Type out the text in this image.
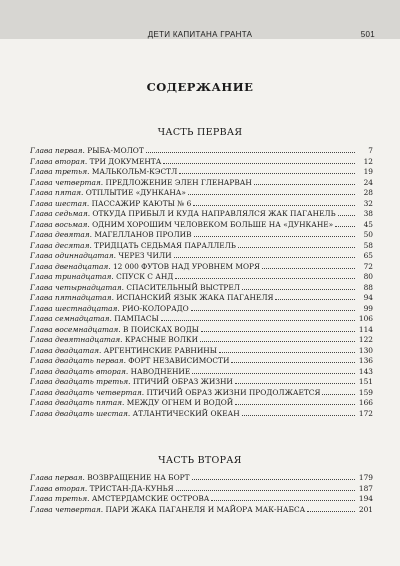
ДЕТИ КАПИТАНА ГРАНТА	501
СОДЕРЖАНИЕ
ЧАСТЬ ПЕРВАЯ
Глава первая . РЫБА-МОЛОТ	7
Глава вторая . ТРИ ДОКУМЕНТА	12
Глава третья . МАЛЬКОЛЬМ-КЭСТЛ	19
Глава четвертая . ПРЕДЛОЖЕНИЕ ЭЛЕН ГЛЕНАРВАН	24
Глава пятая . ОТПЛЫТИЕ «ДУНКАНА»	28
Глава шестая . ПАССАЖИР КАЮТЫ № 6	32
Глава седьмая . ОТКУДА ПРИБЫЛ И КУДА НАПРАВЛЯЛСЯ ЖАК ПАГАНЕЛЬ	38
Глава восьмая . ОДНИМ ХОРОШИМ ЧЕЛОВЕКОМ БОЛЬШЕ НА «ДУНКАНЕ»	45
Глава девятая . МАГЕЛЛАНОВ ПРОЛИВ	50
Глава десятая . ТРИДЦАТЬ СЕДЬМАЯ ПАРАЛЛЕЛЬ	58
Глава одиннадцатая . ЧЕРЕЗ ЧИЛИ	65
Глава двенадцатая . 12 000 ФУТОВ НАД УРОВНЕМ МОРЯ	72
Глава тринадцатая . СПУСК С АНД	80
Глава четырнадцатая . СПАСИТЕЛЬНЫЙ ВЫСТРЕЛ	88
Глава пятнадцатая . ИСПАНСКИЙ ЯЗЫК ЖАКА ПАГАНЕЛЯ	94
Глава шестнадцатая . РИО-КОЛОРАДО	99
Глава семнадцатая . ПАМПАСЫ	106
Глава восемнадцатая . В ПОИСКАХ ВОДЫ	114
Глава девятнадцатая . КРАСНЫЕ ВОЛКИ	122
Глава двадцатая . АРГЕНТИНСКИЕ РАВНИНЫ	130
Глава двадцать первая . ФОРТ НЕЗАВИСИМОСТИ	136
Глава двадцать вторая . НАВОДНЕНИЕ	143
Глава двадцать третья . ПТИЧИЙ ОБРАЗ ЖИЗНИ	151
Глава двадцать четвертая . ПТИЧИЙ ОБРАЗ ЖИЗНИ ПРОДОЛЖАЕТСЯ	159
Глава двадцать пятая . МЕЖДУ ОГНЕМ И ВОДОЙ	166
Глава двадцать шестая . АТЛАНТИЧЕСКИЙ ОКЕАН	172
ЧАСТЬ ВТОРАЯ
Глава первая . ВОЗВРАЩЕНИЕ НА БОРТ	179
Глава вторая . ТРИСТАН-ДА-КУНЬЯ	187
Глава третья . АМСТЕРДАМСКИЕ ОСТРОВА	194
Глава четвертая . ПАРИ ЖАКА ПАГАНЕЛЯ И МАЙОРА МАК-НАБСА	201
